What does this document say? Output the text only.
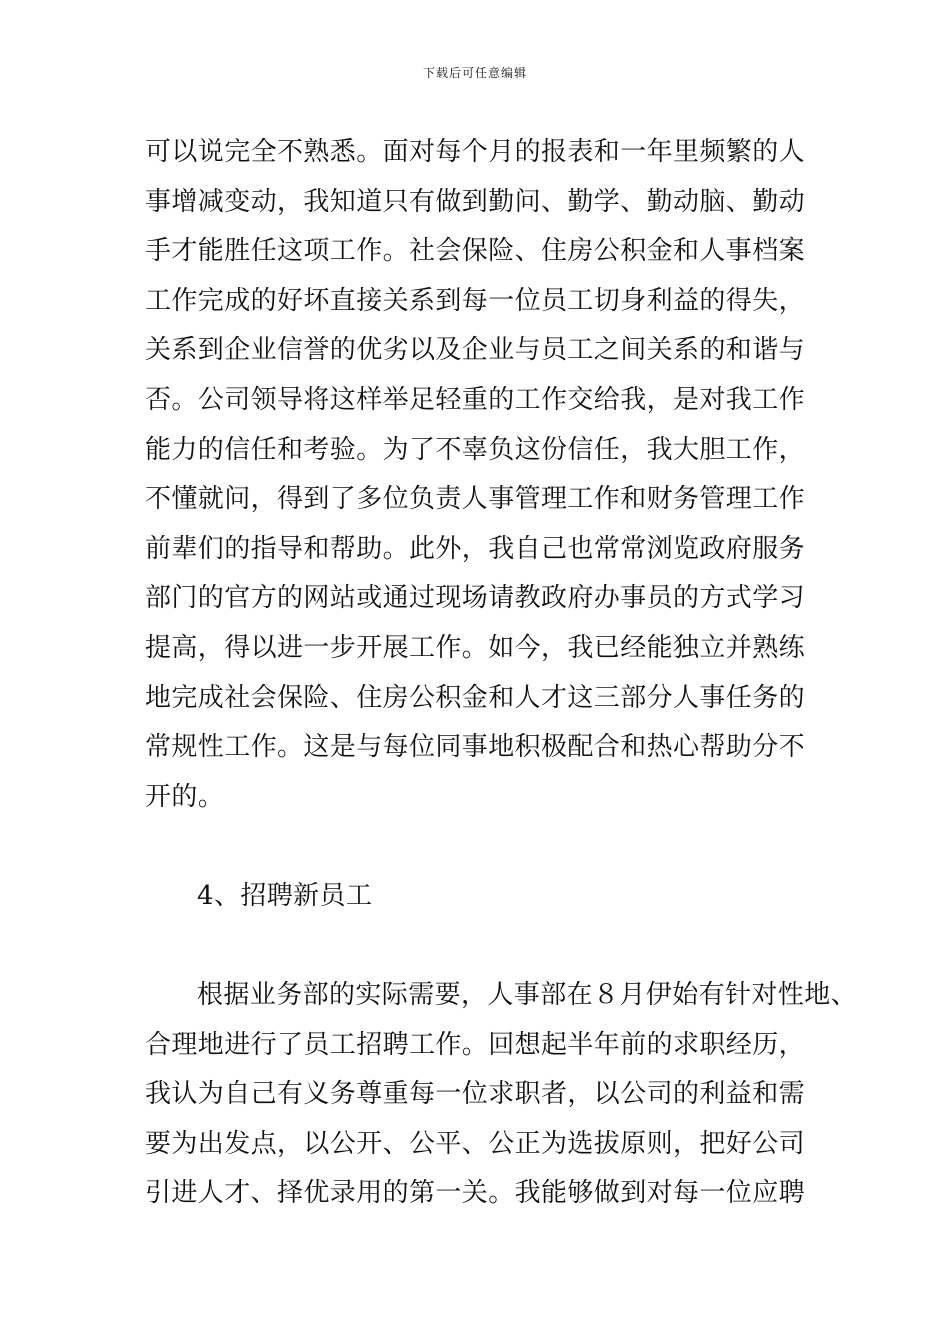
下载后可任意编辑
可以说完全不熟悉。面对每个月的报表和一年里频繁的人
事增减变动，我知道只有做到勤问、勤学、勤动脑、勤动
手才能胜任这项工作。社会保险、住房公积金和人事档案
工作完成的好坏直接关系到每一位员工切身利益的得失，
关系到企业信誉的优劣以及企业与员工之间关系的和谐与
否。公司领导将这样举足轻重的工作交给我，是对我工作
能力的信任和考验。为了不辜负这份信任，我大胆工作，
不懂就问，得到了多位负责人事管理工作和财务管理工作
前辈们的指导和帮助。此外，我自己也常常浏览政府服务
部门的官方的网站或通过现场请教政府办事员的方式学习
提高，得以进一步开展工作。如今，我已经能独立并熟练
地完成社会保险、住房公积金和人才这三部分人事任务的
常规性工作。这是与每位同事地积极配合和热心帮助分不
开的。
4、招聘新员工
根据业务部的实际需要，人事部在８月伊始有针对性地、
合理地进行了员工招聘工作。回想起半年前的求职经历，
我认为自己有义务尊重每一位求职者，以公司的利益和需
要为出发点，以公开、公平、公正为选拔原则，把好公司
引进人才、择优录用的第一关。我能够做到对每一位应聘
